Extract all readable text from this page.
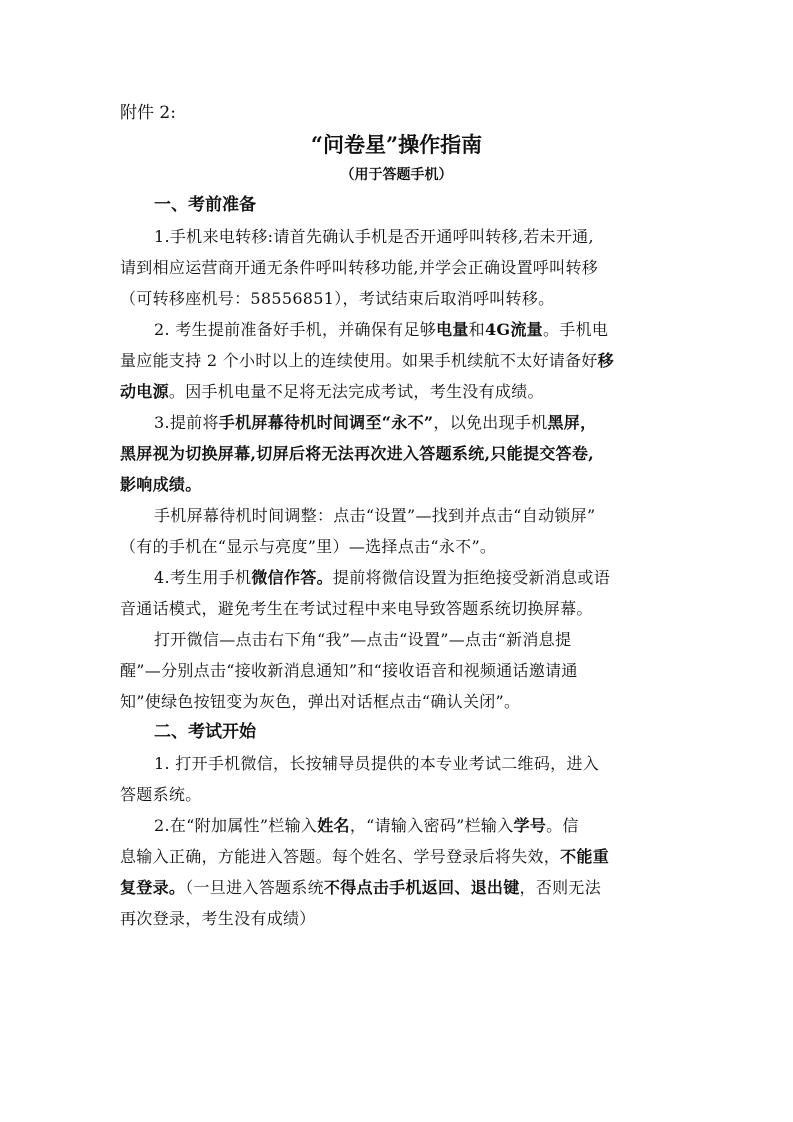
附件 2:

“问卷星”操作指南

（用于答题手机）

一、考前准备

1.手机来电转移:请首先确认手机是否开通呼叫转移,若未开通,
请到相应运营商开通无条件呼叫转移功能,并学会正确设置呼叫转移
（可转移座机号：58556851），考试结束后取消呼叫转移。

2. 考生提前准备好手机，并确保有足够电量和4G流量。手机电
量应能支持 2 个小时以上的连续使用。如果手机续航不太好请备好移
动电源。因手机电量不足将无法完成考试，考生没有成绩。

3.提前将手机屏幕待机时间调至“永不”，以免出现手机黑屏，
黑屏视为切换屏幕,切屏后将无法再次进入答题系统,只能提交答卷,
影响成绩。

手机屏幕待机时间调整：点击“设置”—找到并点击“自动锁屏”
（有的手机在“显示与亮度”里）—选择点击“永不”。

4.考生用手机微信作答。提前将微信设置为拒绝接受新消息或语
音通话模式，避免考生在考试过程中来电导致答题系统切换屏幕。

打开微信—点击右下角“我”—点击“设置”—点击“新消息提
醒”—分别点击“接收新消息通知”和“接收语音和视频通话邀请通
知”使绿色按钮变为灰色，弹出对话框点击“确认关闭”。

二、考试开始

1. 打开手机微信，长按辅导员提供的本专业考试二维码，进入
答题系统。

2.在“附加属性”栏输入姓名，“请输入密码”栏输入学号。信
息输入正确，方能进入答题。每个姓名、学号登录后将失效，不能重
复登录。（一旦进入答题系统不得点击手机返回、退出键，否则无法
再次登录，考生没有成绩）
